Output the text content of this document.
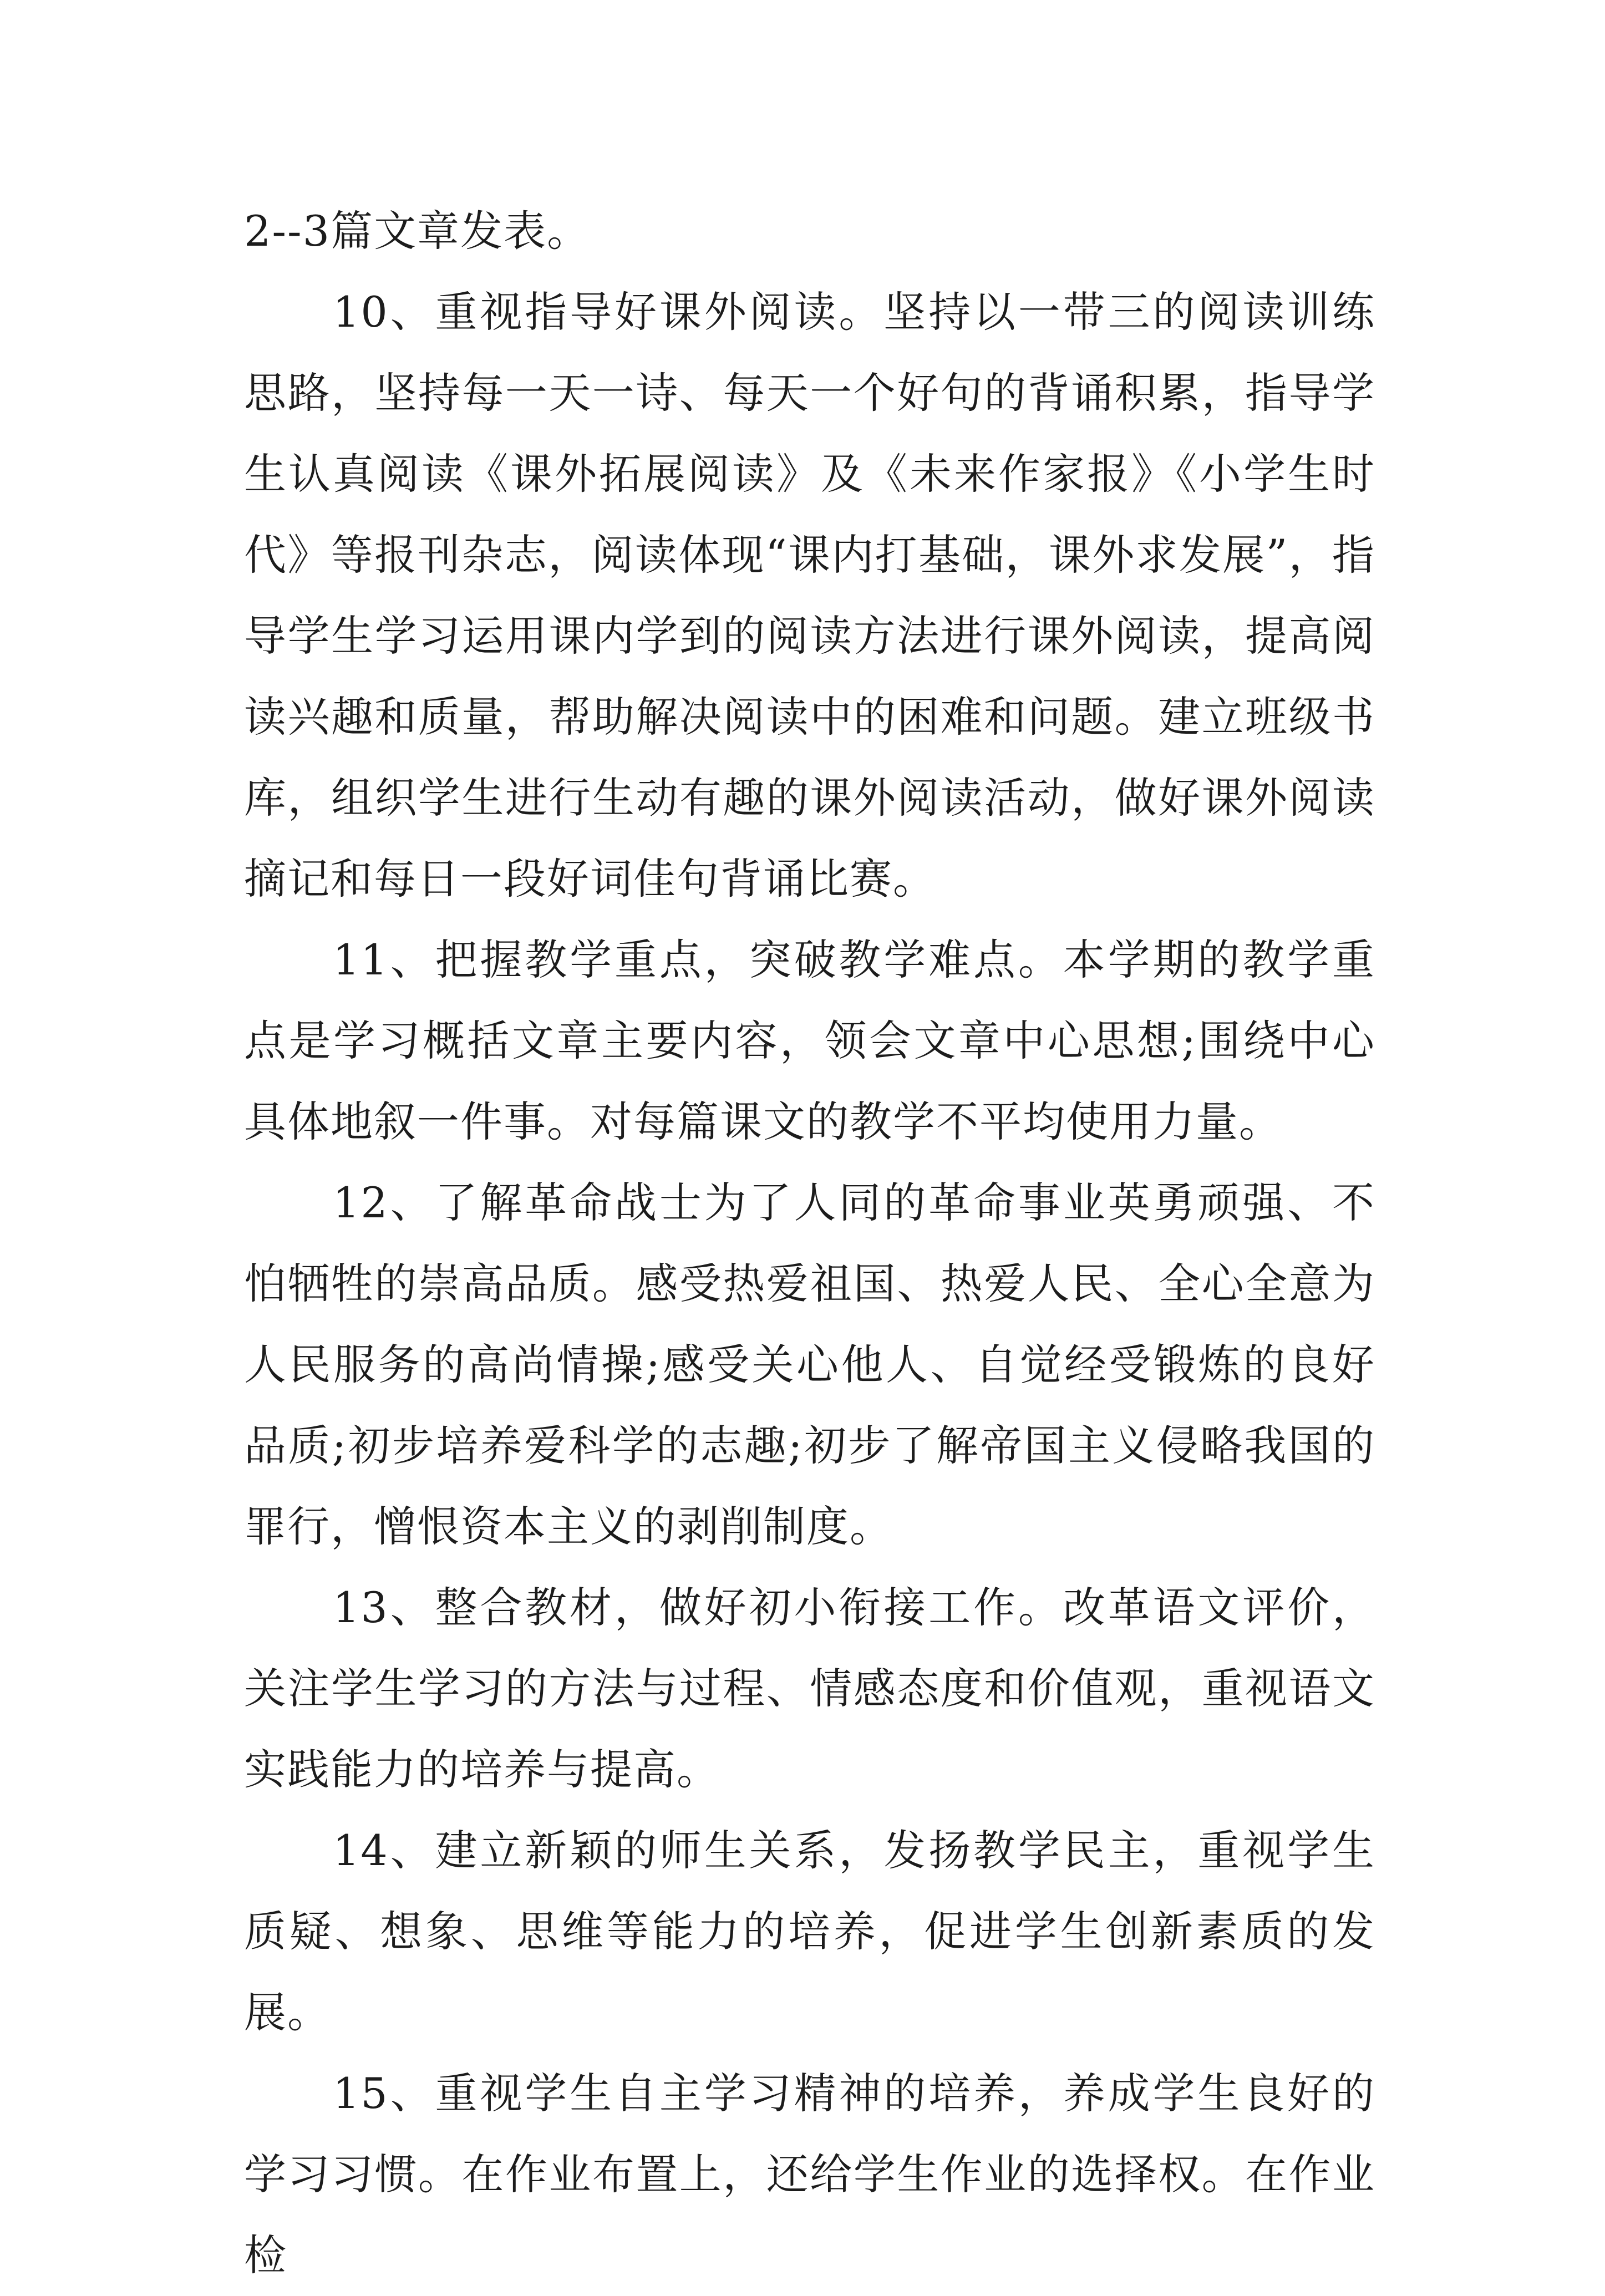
2--3篇文章发表。

10、重视指导好课外阅读。坚持以一带三的阅读训练思路，坚持每一天一诗、每天一个好句的背诵积累，指导学生认真阅读《课外拓展阅读》及《未来作家报》《小学生时代》等报刊杂志，阅读体现“课内打基础，课外求发展”，指导学生学习运用课内学到的阅读方法进行课外阅读，提高阅读兴趣和质量，帮助解决阅读中的困难和问题。建立班级书库，组织学生进行生动有趣的课外阅读活动，做好课外阅读摘记和每日一段好词佳句背诵比赛。

11、把握教学重点，突破教学难点。本学期的教学重点是学习概括文章主要内容，领会文章中心思想;围绕中心具体地叙一件事。对每篇课文的教学不平均使用力量。

12、了解革命战士为了人同的革命事业英勇顽强、不怕牺牲的崇高品质。感受热爱祖国、热爱人民、全心全意为人民服务的高尚情操;感受关心他人、自觉经受锻炼的良好品质;初步培养爱科学的志趣;初步了解帝国主义侵略我国的罪行，憎恨资本主义的剥削制度。

13、整合教材，做好初小衔接工作。改革语文评价，关注学生学习的方法与过程、情感态度和价值观，重视语文实践能力的培养与提高。

14、建立新颖的师生关系，发扬教学民主，重视学生质疑、想象、思维等能力的培养，促进学生创新素质的发展。

15、重视学生自主学习精神的培养，养成学生良好的学习习惯。在作业布置上，还给学生作业的选择权。在作业检
